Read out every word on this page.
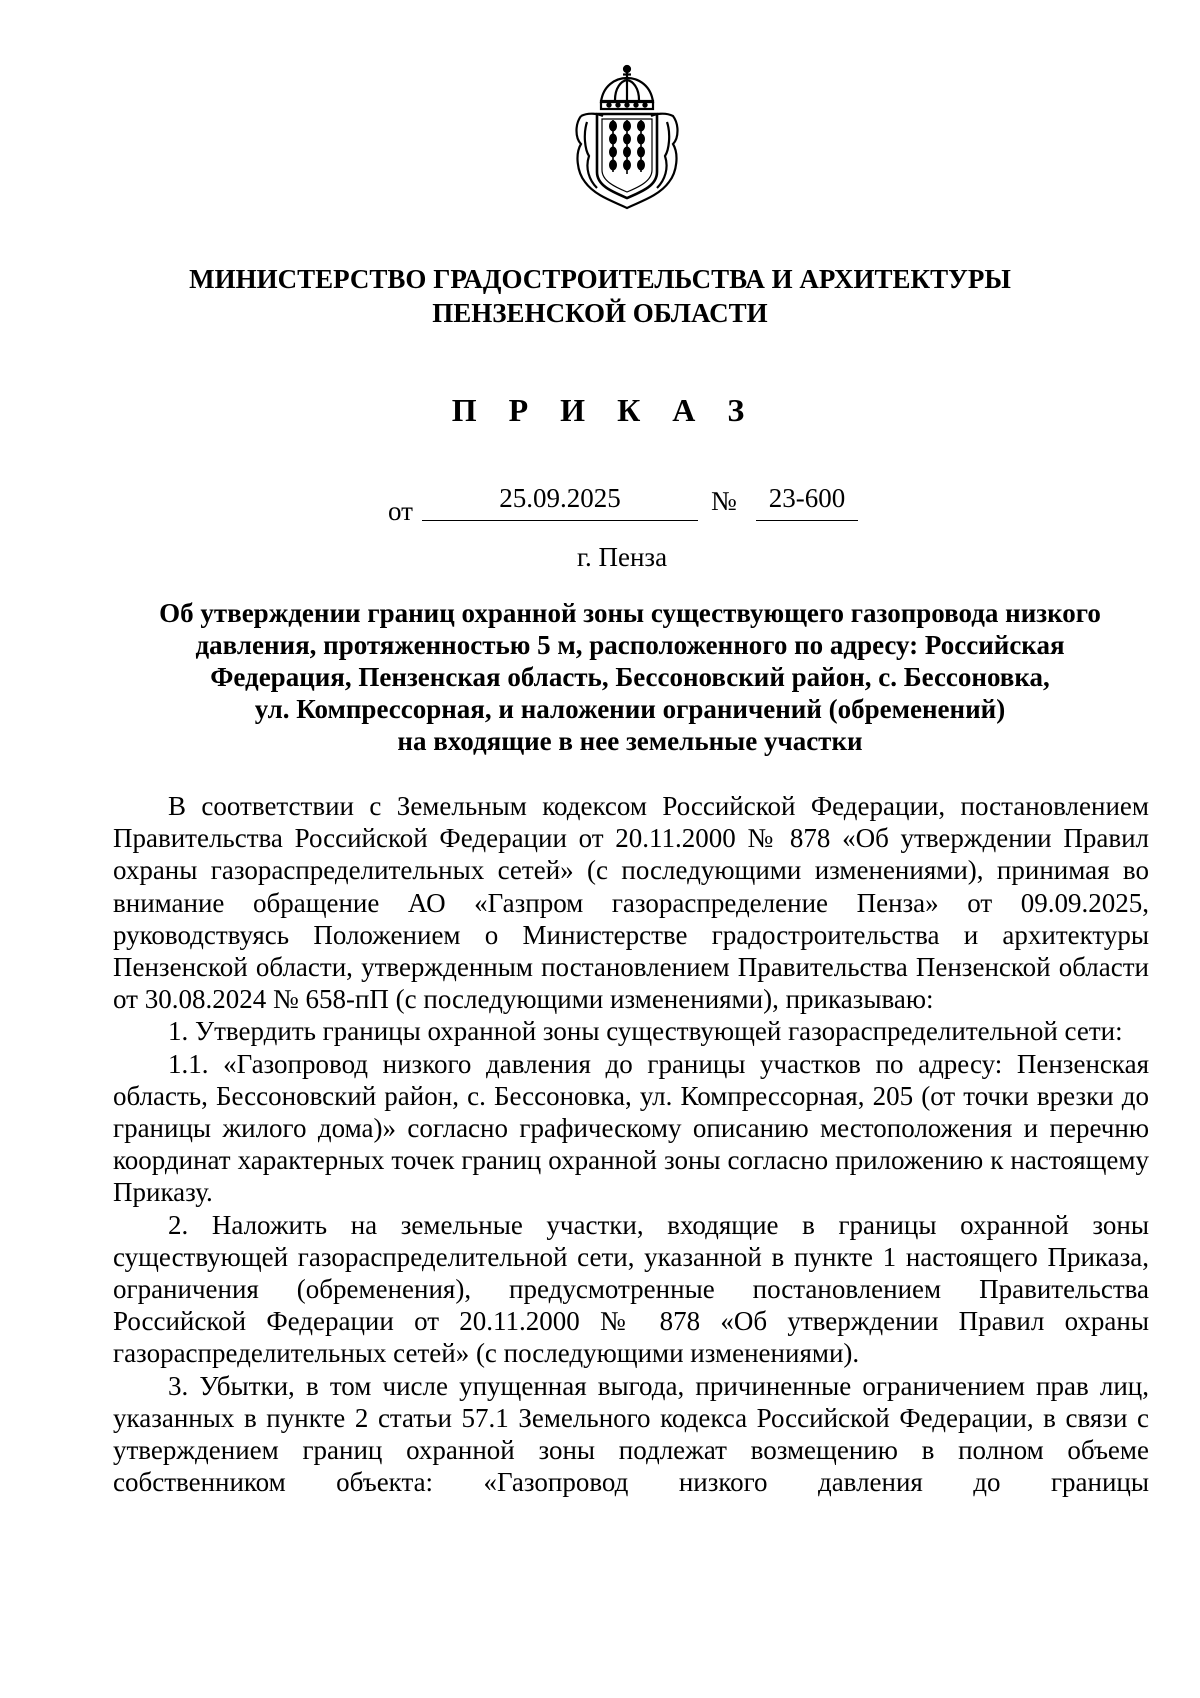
МИНИСТЕРСТВО ГРАДОСТРОИТЕЛЬСТВА И АРХИТЕКТУРЫ
ПЕНЗЕНСКОЙ ОБЛАСТИ
П Р И К А З
от	25.09.2025	№	23-600
г. Пенза
Об утверждении границ охранной зоны существующего газопровода низкого
давления, протяженностью 5 м, расположенного по адресу: Российская
Федерация, Пензенская область, Бессоновский район, с. Бессоновка,
ул. Компрессорная, и наложении ограничений (обременений)
на входящие в нее земельные участки

В соответствии с Земельным кодексом Российской Федерации, постановлением Правительства Российской Федерации от 20.11.2000 № 878 «Об утверждении Правил охраны газораспределительных сетей» (с последующими изменениями), принимая во внимание обращение АО «Газпром газораспределение Пенза» от 09.09.2025, руководствуясь Положением о Министерстве градостроительства и архитектуры Пензенской области, утвержденным постановлением Правительства Пензенской области от 30.08.2024 № 658-пП (с последующими изменениями), приказываю:

1. Утвердить границы охранной зоны существующей газораспределительной сети:

1.1. «Газопровод низкого давления до границы участков по адресу: Пензенская область, Бессоновский район, с. Бессоновка, ул. Компрессорная, 205 (от точки врезки до границы жилого дома)» согласно графическому описанию местоположения и перечню координат характерных точек границ охранной зоны согласно приложению к настоящему Приказу.

2. Наложить на земельные участки, входящие в границы охранной зоны существующей газораспределительной сети, указанной в пункте 1 настоящего Приказа, ограничения (обременения), предусмотренные постановлением Правительства Российской Федерации от 20.11.2000 № 878 «Об утверждении Правил охраны газораспределительных сетей» (с последующими изменениями).

3. Убытки, в том числе упущенная выгода, причиненные ограничением прав лиц, указанных в пункте 2 статьи 57.1 Земельного кодекса Российской Федерации, в связи с утверждением границ охранной зоны подлежат возмещению в полном объеме собственником объекта: «Газопровод низкого давления до границы
